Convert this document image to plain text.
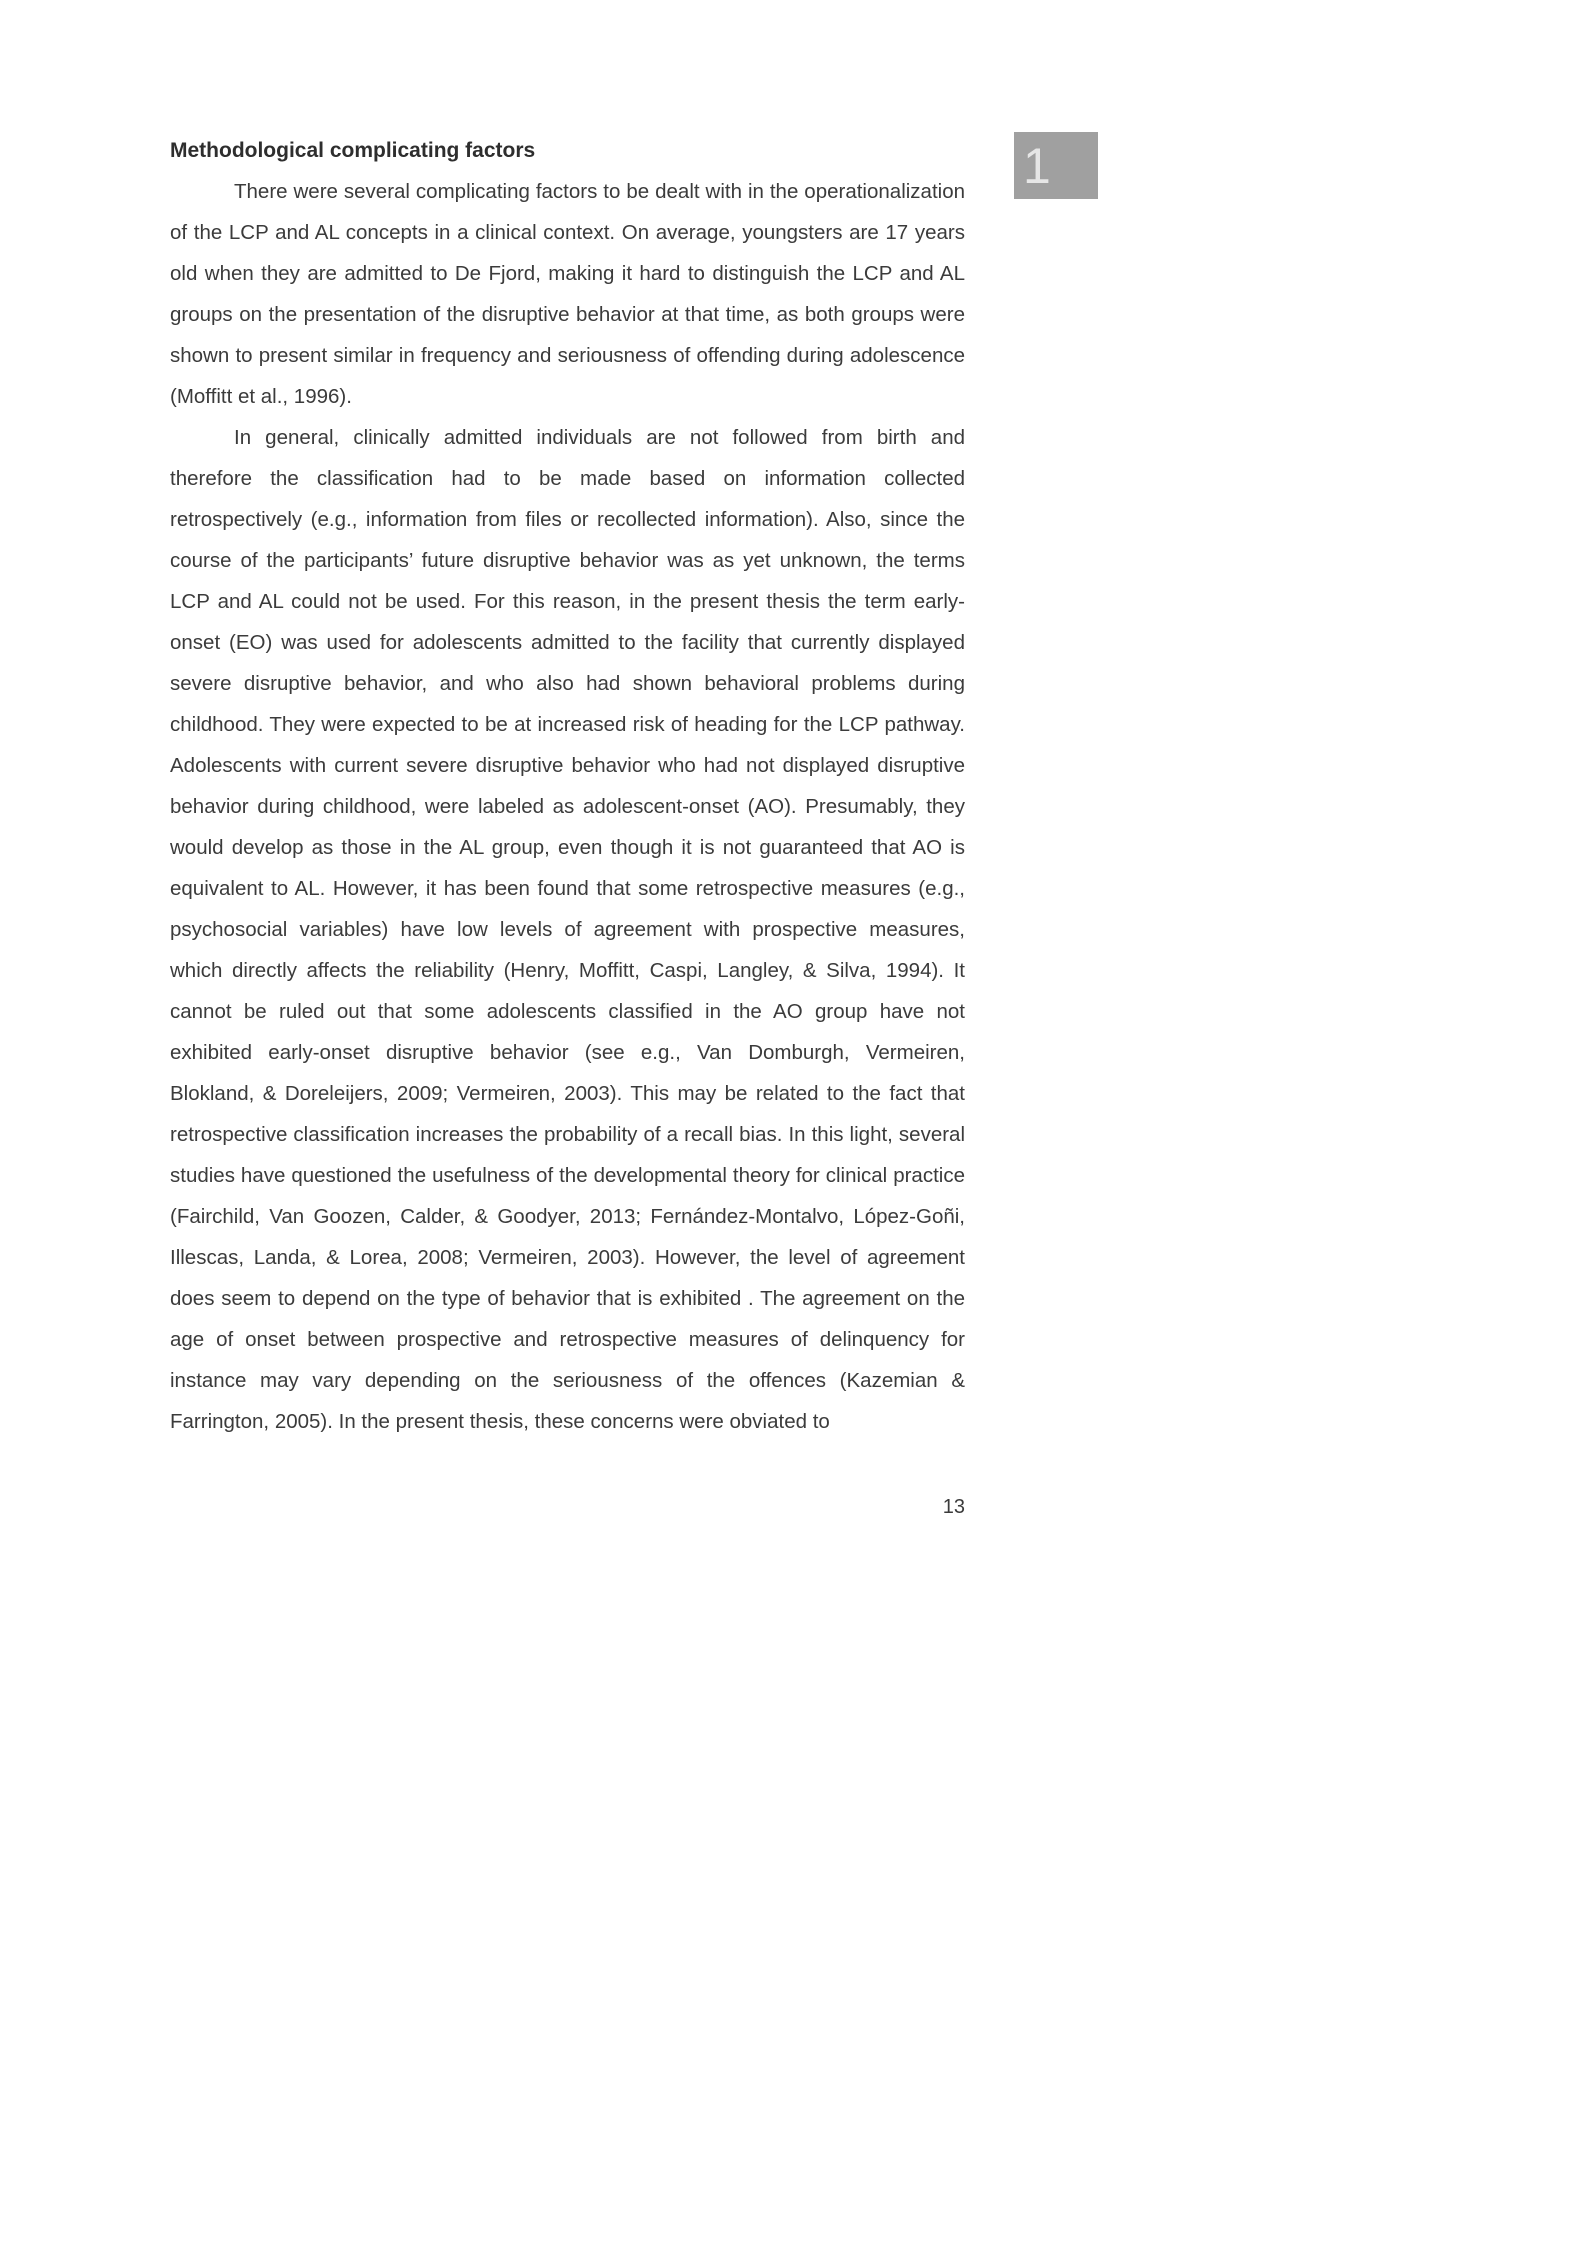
Methodological complicating factors

There were several complicating factors to be dealt with in the operationalization of the LCP and AL concepts in a clinical context. On average, youngsters are 17 years old when they are admitted to De Fjord, making it hard to distinguish the LCP and AL groups on the presentation of the disruptive behavior at that time, as both groups were shown to present similar in frequency and seriousness of offending during adolescence (Moffitt et al., 1996).

In general, clinically admitted individuals are not followed from birth and therefore the classification had to be made based on information collected retrospectively (e.g., information from files or recollected information). Also, since the course of the participants’ future disruptive behavior was as yet unknown, the terms LCP and AL could not be used. For this reason, in the present thesis the term early-onset (EO) was used for adolescents admitted to the facility that currently displayed severe disruptive behavior, and who also had shown behavioral problems during childhood. They were expected to be at increased risk of heading for the LCP pathway. Adolescents with current severe disruptive behavior who had not displayed disruptive behavior during childhood, were labeled as adolescent-onset (AO). Presumably, they would develop as those in the AL group, even though it is not guaranteed that AO is equivalent to AL. However, it has been found that some retrospective measures (e.g., psychosocial variables) have low levels of agreement with prospective measures, which directly affects the reliability (Henry, Moffitt, Caspi, Langley, & Silva, 1994). It cannot be ruled out that some adolescents classified in the AO group have not exhibited early-onset disruptive behavior (see e.g., Van Domburgh, Vermeiren, Blokland, & Doreleijers, 2009; Vermeiren, 2003). This may be related to the fact that retrospective classification increases the probability of a recall bias. In this light, several studies have questioned the usefulness of the developmental theory for clinical practice (Fairchild, Van Goozen, Calder, & Goodyer, 2013; Fernández-Montalvo, López-Goñi, Illescas, Landa, & Lorea, 2008; Vermeiren, 2003). However, the level of agreement does seem to depend on the type of behavior that is exhibited . The agreement on the age of onset between prospective and retrospective measures of delinquency for instance may vary depending on the seriousness of the offences (Kazemian & Farrington, 2005). In the present thesis, these concerns were obviated to

1
13
